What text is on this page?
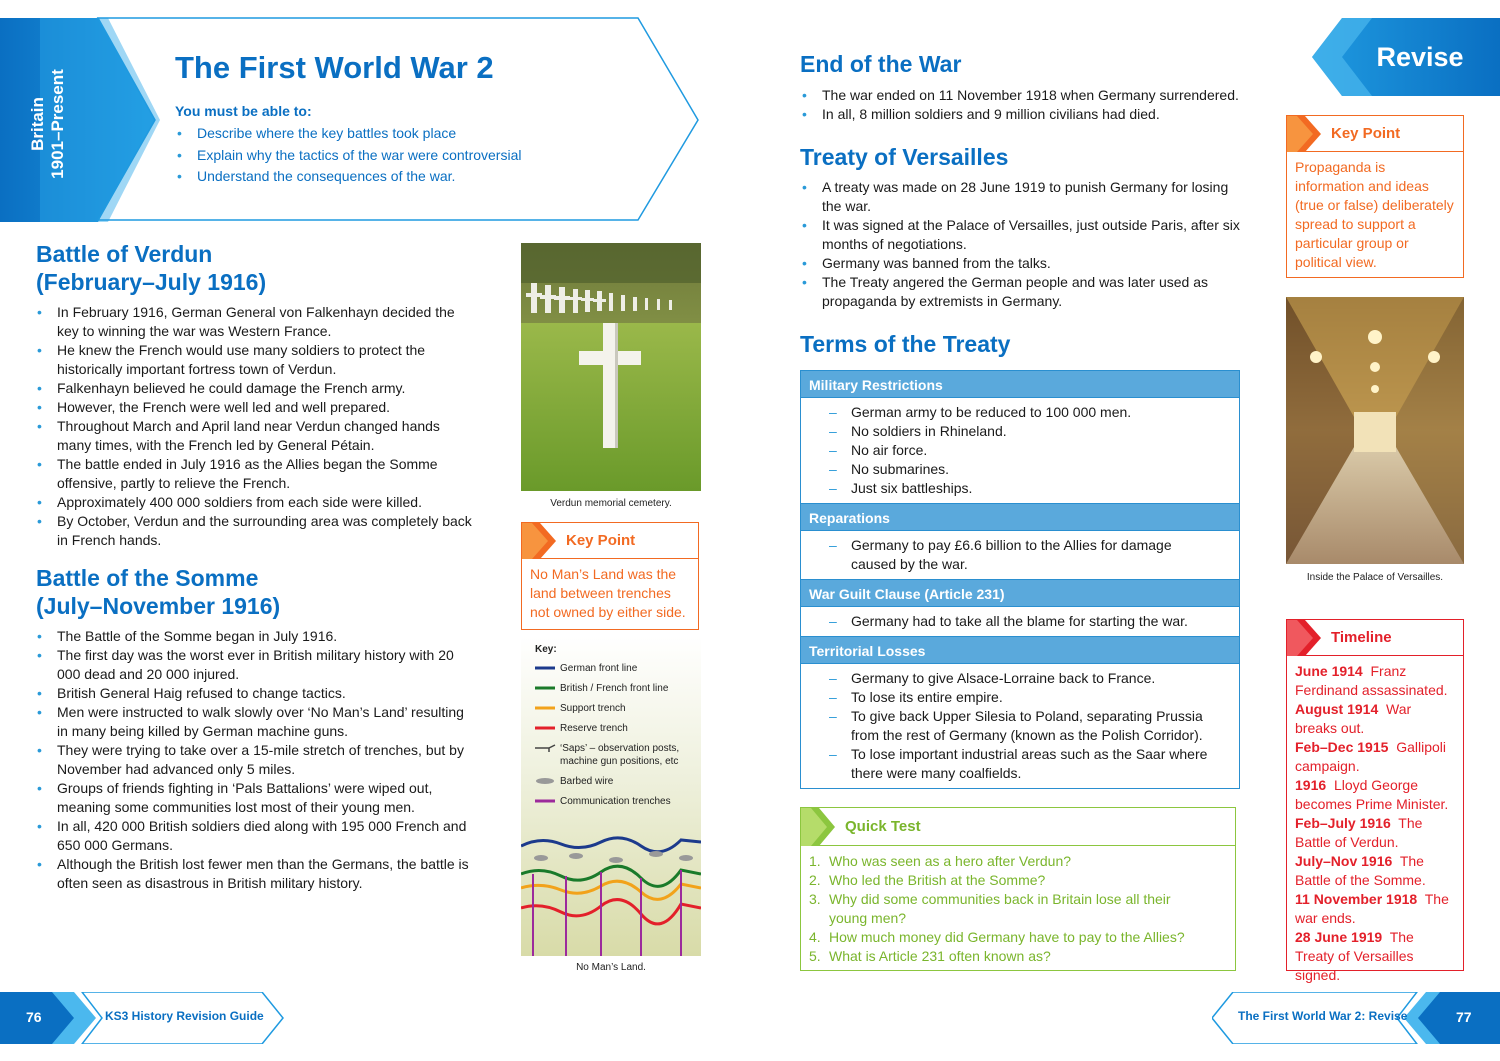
Britain 1901–Present
The First World War 2
You must be able to:
• Describe where the key battles took place
• Explain why the tactics of the war were controversial
• Understand the consequences of the war.
Revise
Battle of Verdun
(February–July 1916)
• In February 1916, German General von Falkenhayn decided the key to winning the war was Western France.
• He knew the French would use many soldiers to protect the historically important fortress town of Verdun.
• Falkenhayn believed he could damage the French army.
• However, the French were well led and well prepared.
• Throughout March and April land near Verdun changed hands many times, with the French led by General Pétain.
• The battle ended in July 1916 as the Allies began the Somme offensive, partly to relieve the French.
• Approximately 400 000 soldiers from each side were killed.
• By October, Verdun and the surrounding area was completely back in French hands.
Battle of the Somme
(July–November 1916)
• The Battle of the Somme began in July 1916.
• The first day was the worst ever in British military history with 20 000 dead and 20 000 injured.
• British General Haig refused to change tactics.
• Men were instructed to walk slowly over ‘No Man’s Land’ resulting in many being killed by German machine guns.
• They were trying to take over a 15-mile stretch of trenches, but by November had advanced only 5 miles.
• Groups of friends fighting in ‘Pals Battalions’ were wiped out, meaning some communities lost most of their young men.
• In all, 420 000 British soldiers died along with 195 000 French and 650 000 Germans.
• Although the British lost fewer men than the Germans, the battle is often seen as disastrous in British military history.
Verdun memorial cemetery.
Key Point
No Man’s Land was the land between trenches not owned by either side.
Key:
German front line
British / French front line
Support trench
Reserve trench
‘Saps’ – observation posts,
machine gun positions, etc
Barbed wire
Communication trenches
No Man’s Land.
End of the War
• The war ended on 11 November 1918 when Germany surrendered.
• In all, 8 million soldiers and 9 million civilians had died.
Treaty of Versailles
• A treaty was made on 28 June 1919 to punish Germany for losing the war.
• It was signed at the Palace of Versailles, just outside Paris, after six months of negotiations.
• Germany was banned from the talks.
• The Treaty angered the German people and was later used as propaganda by extremists in Germany.
Terms of the Treaty
Military Restrictions
– German army to be reduced to 100 000 men.
– No soldiers in Rhineland.
– No air force.
– No submarines.
– Just six battleships.
Reparations
– Germany to pay £6.6 billion to the Allies for damage caused by the war.
War Guilt Clause (Article 231)
– Germany had to take all the blame for starting the war.
Territorial Losses
– Germany to give Alsace-Lorraine back to France.
– To lose its entire empire.
– To give back Upper Silesia to Poland, separating Prussia from the rest of Germany (known as the Polish Corridor).
– To lose important industrial areas such as the Saar where there were many coalfields.
Quick Test
1. Who was seen as a hero after Verdun?
2. Who led the British at the Somme?
3. Why did some communities back in Britain lose all their young men?
4. How much money did Germany have to pay to the Allies?
5. What is Article 231 often known as?
Key Point
Propaganda is information and ideas (true or false) deliberately spread to support a particular group or political view.
Inside the Palace of Versailles.
Timeline
June 1914 Franz Ferdinand assassinated.
August 1914 War breaks out.
Feb–Dec 1915 Gallipoli campaign.
1916 Lloyd George becomes Prime Minister.
Feb–July 1916 The Battle of Verdun.
July–Nov 1916 The Battle of the Somme.
11 November 1918 The war ends.
28 June 1919 The Treaty of Versailles signed.
76	KS3 History Revision Guide	The First World War 2: Revise	77
